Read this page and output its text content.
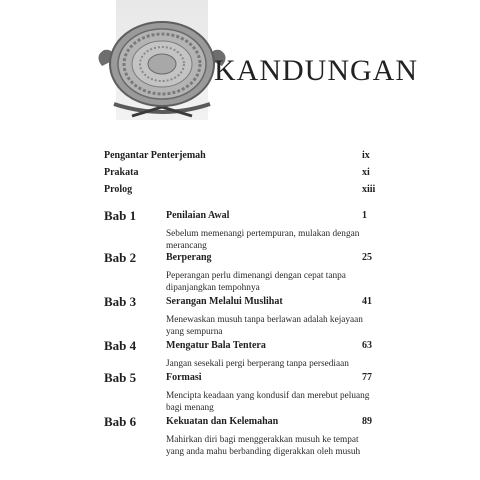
KANDUNGAN
Pengantar Penterjemah	ix
Prakata	xi
Prolog	xiii
Bab 1	Penilaian Awal	1
Sebelum memenangi pertempuran, mulakan dengan merancang
Bab 2	Berperang	25
Peperangan perlu dimenangi dengan cepat tanpa dipanjangkan tempohnya
Bab 3	Serangan Melalui Muslihat	41
Menewaskan musuh tanpa berlawan adalah kejayaan yang sempurna
Bab 4	Mengatur Bala Tentera	63
Jangan sesekali pergi berperang tanpa persediaan
Bab 5	Formasi	77
Mencipta keadaan yang kondusif dan merebut peluang bagi menang
Bab 6	Kekuatan dan Kelemahan	89
Mahirkan diri bagi menggerakkan musuh ke tempat yang anda mahu berbanding digerakkan oleh musuh
